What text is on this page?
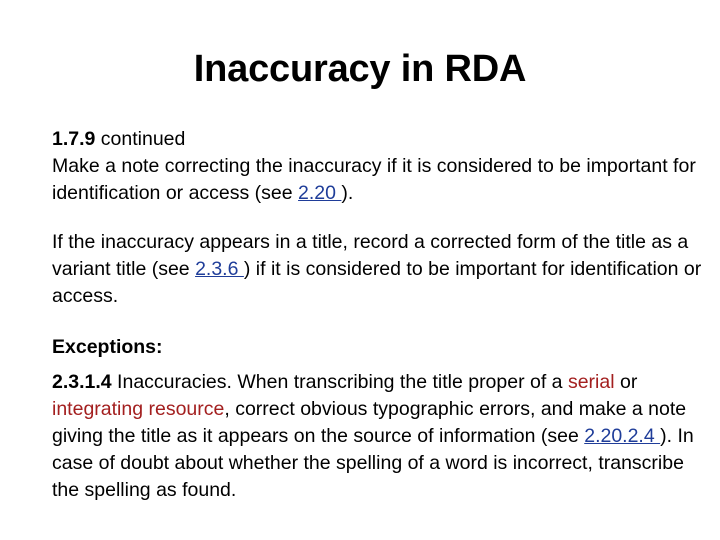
Inaccuracy in RDA

1.7.9 continued

Make a note correcting the inaccuracy if it is considered to be important for identification or access (see 2.20 ).

If the inaccuracy appears in a title, record a corrected form of the title as a variant title (see 2.3.6 ) if it is considered to be important for identification or access.

Exceptions:

2.3.1.4 Inaccuracies. When transcribing the title proper of a serial or integrating resource, correct obvious typographic errors, and make a note giving the title as it appears on the source of information (see 2.20.2.4 ). In case of doubt about whether the spelling of a word is incorrect, transcribe the spelling as found.
